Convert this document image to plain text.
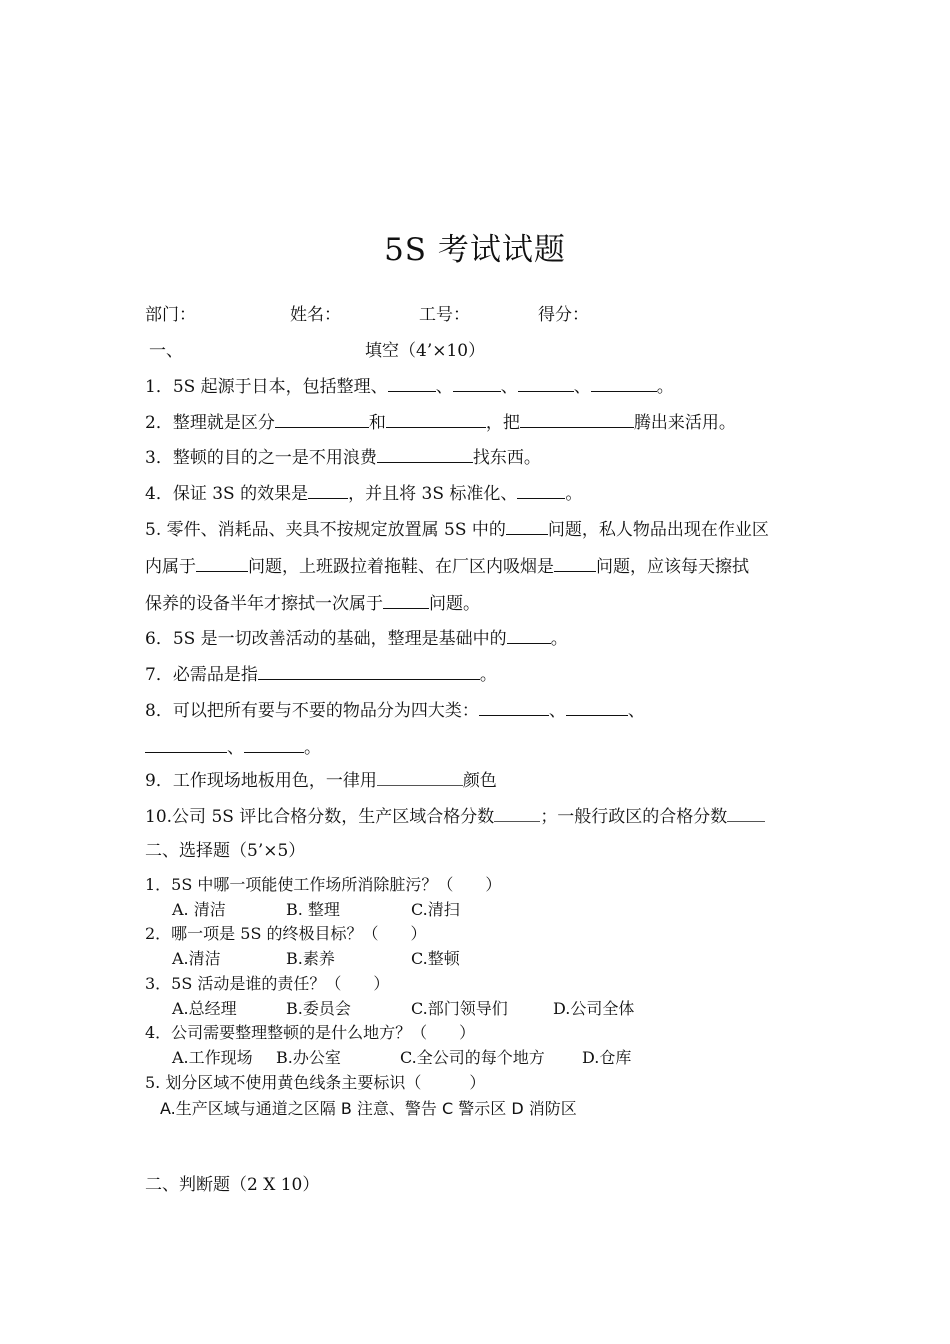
5S 考试试题
部门：	姓名：	工号：	得分：
一、	填空（4’×10）
1．5S 起源于日本，包括整理、	、	、	、	。
2．整理就是区分	和	，把	腾出来活用。
3．整顿的目的之一是不用浪费	找东西。
4．保证 3S 的效果是 ，并且将 3S 标准化、	。
5. 零件、消耗品、夹具不按规定放置属 5S 中的 问题，私人物品出现在作业区
内属于	问题，上班趿拉着拖鞋、在厂区内吸烟是 问题，应该每天擦拭
保养的设备半年才擦拭一次属于	问题。
6．5S 是一切改善活动的基础，整理是基础中的	。
7．必需品是指	。
8．可以把所有要与不要的物品分为四大类：	、	、
、	。
9．工作现场地板用色，一律用	颜色
10.公司 5S 评比合格分数，生产区域合格分数	；一般行政区的合格分数
二、选择题（5’×5）
1．5S 中哪一项能使工作场所消除脏污？（　　）
A. 清洁	B. 整理	C.清扫
2．哪一项是 5S 的终极目标？（　　）
A.清洁	B.素养	C.整顿
3．5S 活动是谁的责任？（　　）
A.总经理	B.委员会	C.部门领导们	D.公司全体
4．公司需要整理整顿的是什么地方？（　　）
A.工作现场 B.办公室	C.全公司的每个地方 D.仓库
5. 划分区域不使用黄色线条主要标识（　　　）
A.生产区域与通道之区隔 B 注意、警告 C 警示区 D 消防区
二、判断题（2 X 10）
